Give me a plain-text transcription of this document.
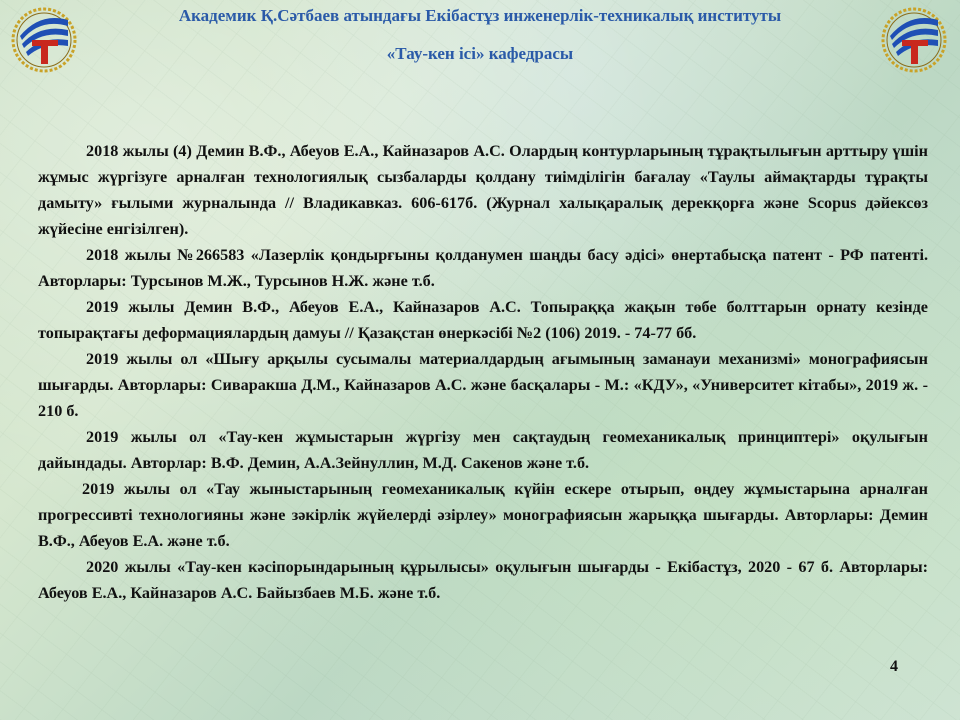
Академик Қ.Сәтбаев атындағы Екібастұз инженерлік-техникалық институты

«Тау-кен ісі» кафедрасы

2018 жылы (4) Демин В.Ф., Абеуов Е.А., Кайназаров А.С. Олардың контурларының тұрақтылығын арттыру үшін жұмыс жүргізуге арналған технологиялық сызбаларды қолдану тиімділігін бағалау «Таулы аймақтарды тұрақты дамыту» ғылыми журналында // Владикавказ. 606-617б. (Журнал халықаралық дерекқорға және Scopus дәйексөз жүйесіне енгізілген).

2018 жылы №266583 «Лазерлік қондырғыны қолданумен шаңды басу әдісі» өнертабысқа патент - РФ патенті. Авторлары: Турсынов М.Ж., Турсынов Н.Ж. және т.б.

2019 жылы Демин В.Ф., Абеуов Е.А., Кайназаров А.С. Топыраққа жақын төбе болттарын орнату кезінде топырақтағы деформациялардың дамуы // Қазақстан өнеркәсібі №2 (106) 2019. - 74-77 бб.

2019 жылы ол «Шығу арқылы сусымалы материалдардың ағымының заманауи механизмі» монографиясын шығарды. Авторлары: Сиваракша Д.М., Кайназаров А.С. және басқалары - М.: «КДУ», «Университет кітабы», 2019 ж. - 210 б.

2019 жылы ол «Тау-кен жұмыстарын жүргізу мен сақтаудың геомеханикалық принциптері» оқулығын дайындады. Авторлар: В.Ф. Демин, А.А.Зейнуллин, М.Д. Сакенов және т.б.

2019 жылы ол «Тау жыныстарының геомеханикалық күйін ескере отырып, өңдеу жұмыстарына арналған прогрессивті технологияны және зәкірлік жүйелерді әзірлеу» монографиясын жарыққа шығарды. Авторлары: Демин В.Ф., Абеуов Е.А. және т.б.

2020 жылы «Тау-кен кәсіпорындарының құрылысы» оқулығын шығарды - Екібастұз, 2020 - 67 б. Авторлары: Абеуов Е.А., Кайназаров А.С. Байызбаев М.Б. және т.б.

4
